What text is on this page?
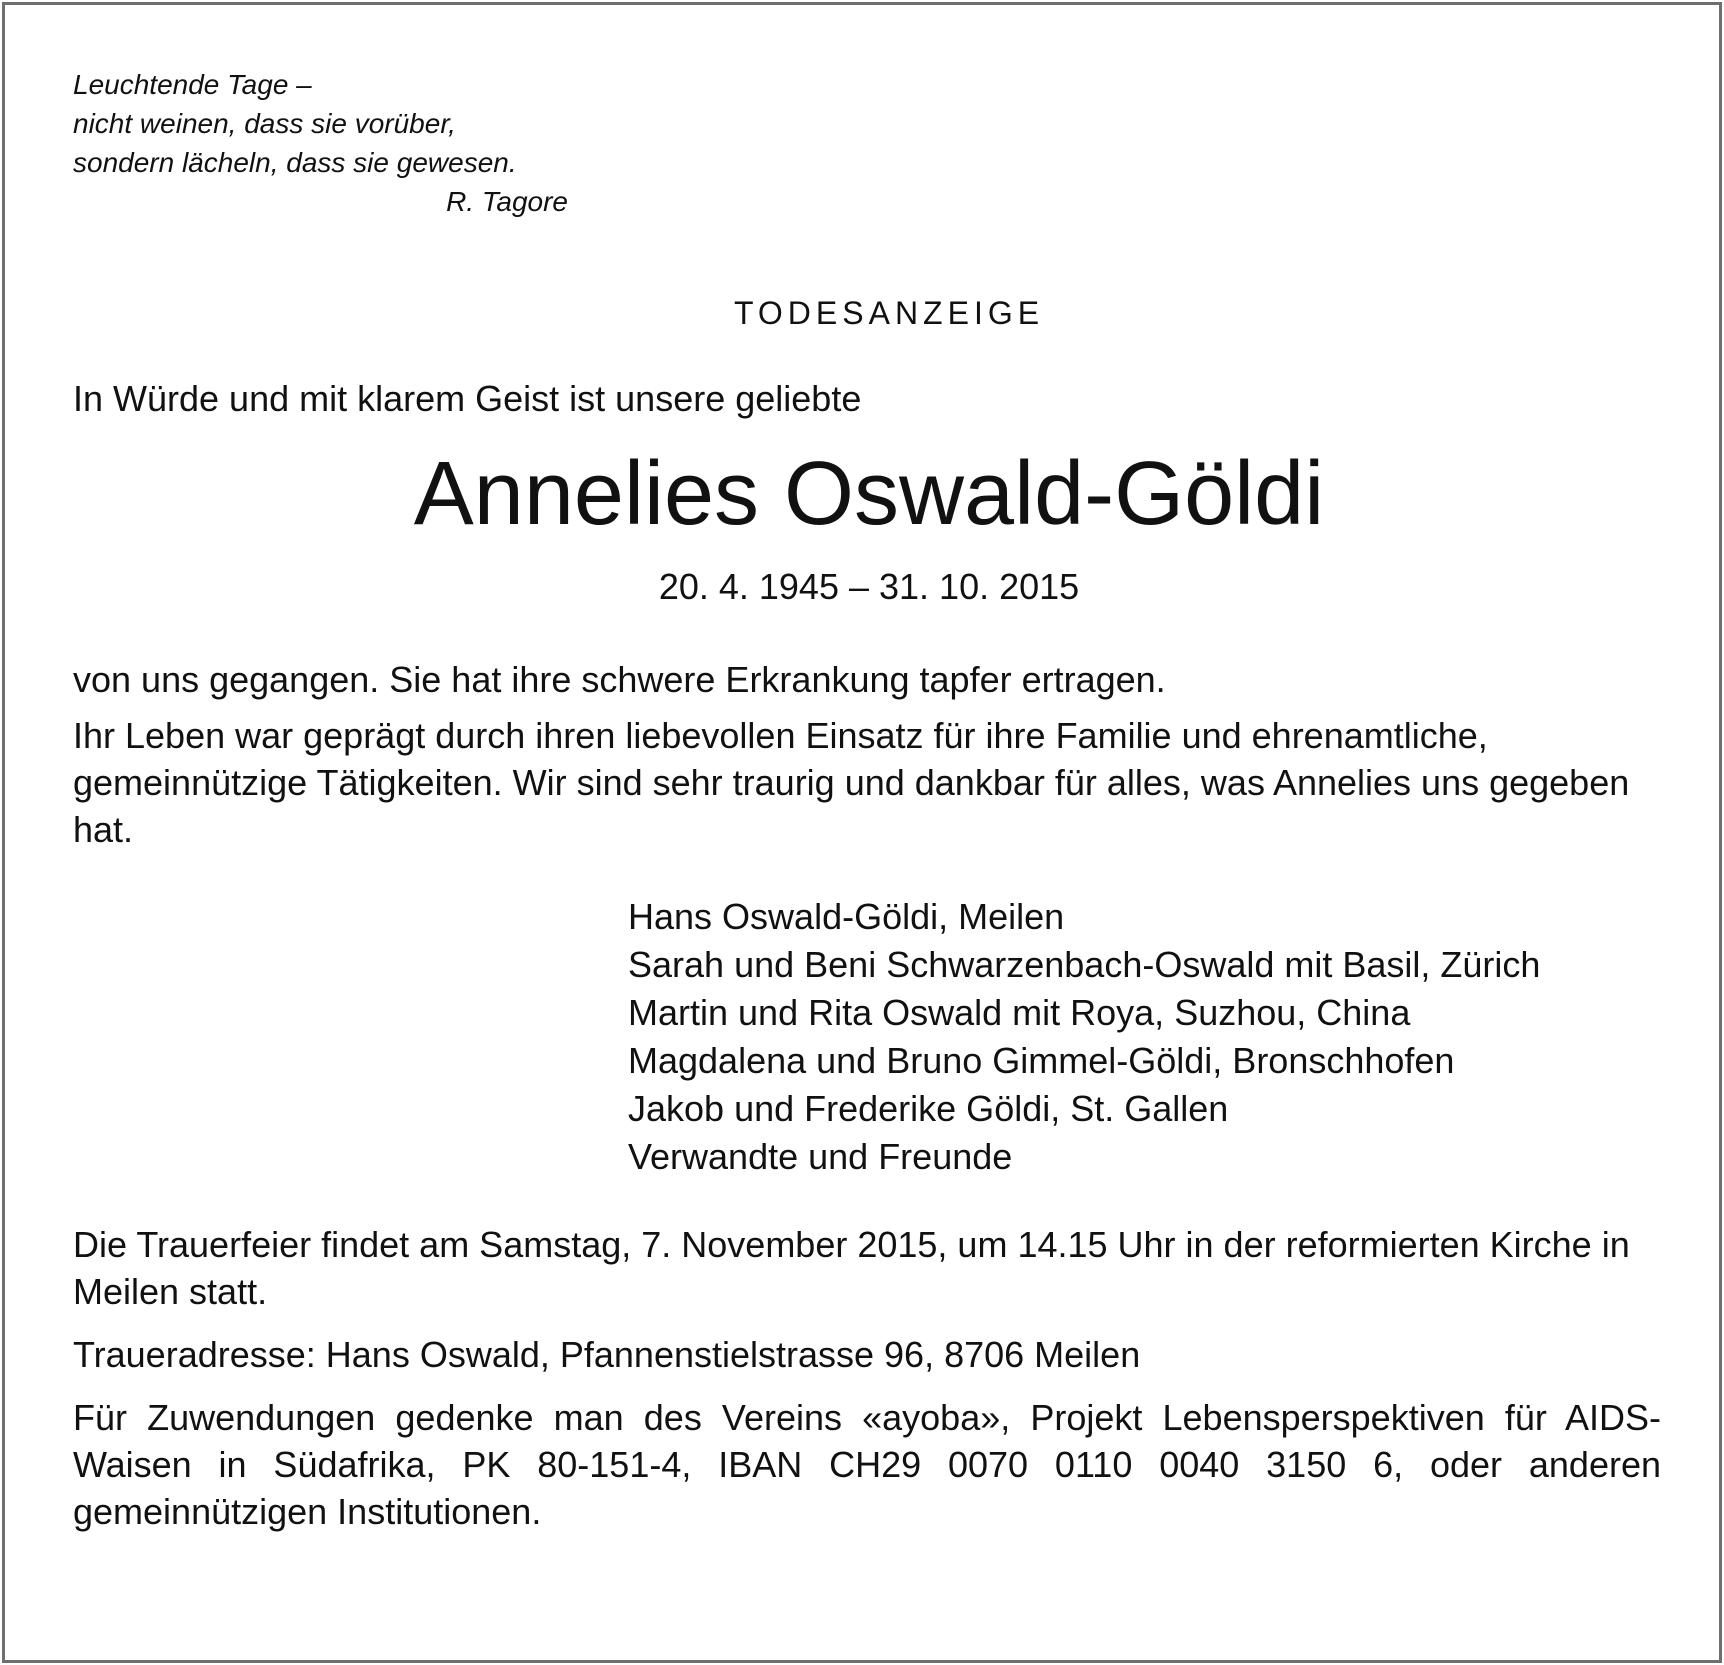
Leuchtende Tage –
nicht weinen, dass sie vorüber,
sondern lächeln, dass sie gewesen.
R. Tagore
TODESANZEIGE
In Würde und mit klarem Geist ist unsere geliebte
Annelies Oswald-Göldi
20. 4. 1945 – 31. 10. 2015
von uns gegangen. Sie hat ihre schwere Erkrankung tapfer ertragen.
Ihr Leben war geprägt durch ihren liebevollen Einsatz für ihre Familie und ehrenamtliche, gemeinnützige Tätigkeiten. Wir sind sehr traurig und dankbar für alles, was Annelies uns gegeben hat.
Hans Oswald-Göldi, Meilen
Sarah und Beni Schwarzenbach-Oswald mit Basil, Zürich
Martin und Rita Oswald mit Roya, Suzhou, China
Magdalena und Bruno Gimmel-Göldi, Bronschhofen
Jakob und Frederike Göldi, St. Gallen
Verwandte und Freunde
Die Trauerfeier findet am Samstag, 7. November 2015, um 14.15 Uhr in der reformierten Kirche in Meilen statt.
Traueradresse: Hans Oswald, Pfannenstielstrasse 96, 8706 Meilen
Für Zuwendungen gedenke man des Vereins «ayoba», Projekt Lebensperspektiven für AIDS-Waisen in Südafrika, PK 80-151-4, IBAN CH29 0070 0110 0040 3150 6, oder anderen gemeinnützigen Institutionen.
